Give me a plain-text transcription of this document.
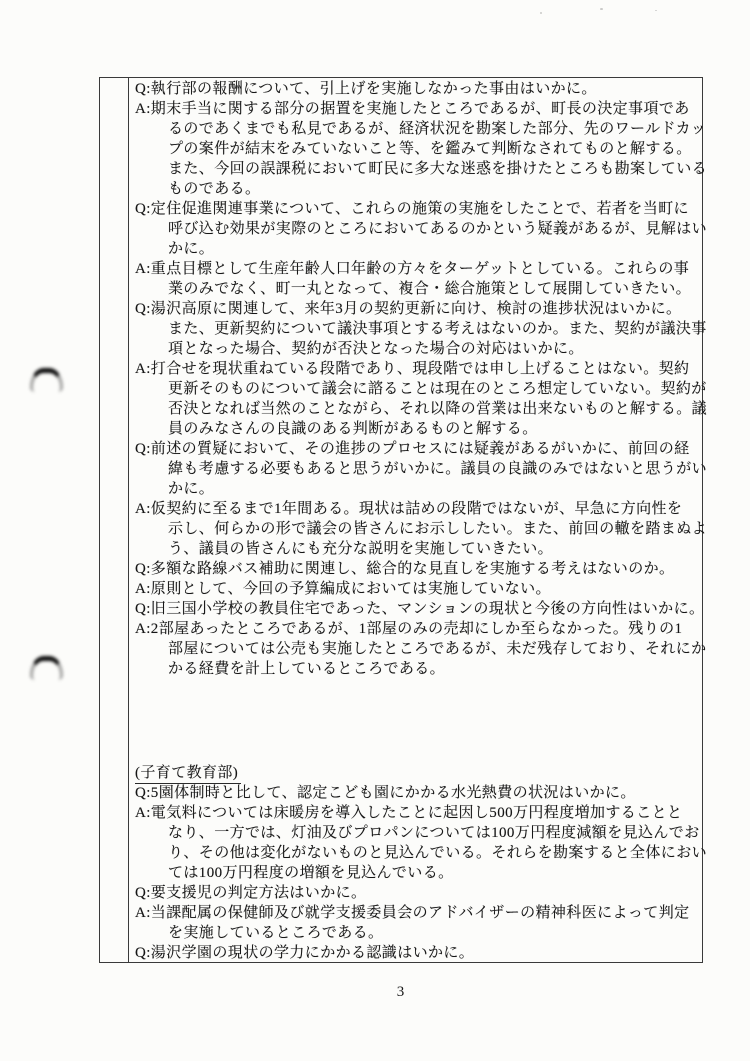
Q:執行部の報酬について、引上げを実施しなかった事由はいかに。
A:期末手当に関する部分の据置を実施したところであるが、町長の決定事項であ
るのであくまでも私見であるが、経済状況を勘案した部分、先のワールドカッ
プの案件が結末をみていないこと等、を鑑みて判断なされてものと解する。
また、今回の誤課税において町民に多大な迷惑を掛けたところも勘案している
ものである。
Q:定住促進関連事業について、これらの施策の実施をしたことで、若者を当町に
呼び込む効果が実際のところにおいてあるのかという疑義があるが、見解はい
かに。
A:重点目標として生産年齢人口年齢の方々をターゲットとしている。これらの事
業のみでなく、町一丸となって、複合・総合施策として展開していきたい。
Q:湯沢高原に関連して、来年3月の契約更新に向け、検討の進捗状況はいかに。
また、更新契約について議決事項とする考えはないのか。また、契約が議決事
項となった場合、契約が否決となった場合の対応はいかに。
A:打合せを現状重ねている段階であり、現段階では申し上げることはない。契約
更新そのものについて議会に諮ることは現在のところ想定していない。契約が
否決となれば当然のことながら、それ以降の営業は出来ないものと解する。議
員のみなさんの良識のある判断があるものと解する。
Q:前述の質疑において、その進捗のプロセスには疑義があるがいかに、前回の経
緯も考慮する必要もあると思うがいかに。議員の良識のみではないと思うがい
かに。
A:仮契約に至るまで1年間ある。現状は詰めの段階ではないが、早急に方向性を
示し、何らかの形で議会の皆さんにお示ししたい。また、前回の轍を踏まぬよ
う、議員の皆さんにも充分な説明を実施していきたい。
Q:多額な路線バス補助に関連し、総合的な見直しを実施する考えはないのか。
A:原則として、今回の予算編成においては実施していない。
Q:旧三国小学校の教員住宅であった、マンションの現状と今後の方向性はいかに。
A:2部屋あったところであるが、1部屋のみの売却にしか至らなかった。残りの1
部屋については公売も実施したところであるが、未だ残存しており、それにか
かる経費を計上しているところである。
(子育て教育部)
Q:5園体制時と比して、認定こども園にかかる水光熱費の状況はいかに。
A:電気料については床暖房を導入したことに起因し500万円程度増加することと
なり、一方では、灯油及びプロパンについては100万円程度減額を見込んでお
り、その他は変化がないものと見込んでいる。それらを勘案すると全体におい
ては100万円程度の増額を見込んでいる。
Q:要支援児の判定方法はいかに。
A:当課配属の保健師及び就学支援委員会のアドバイザーの精神科医によって判定
を実施しているところである。
Q:湯沢学園の現状の学力にかかる認識はいかに。
3
